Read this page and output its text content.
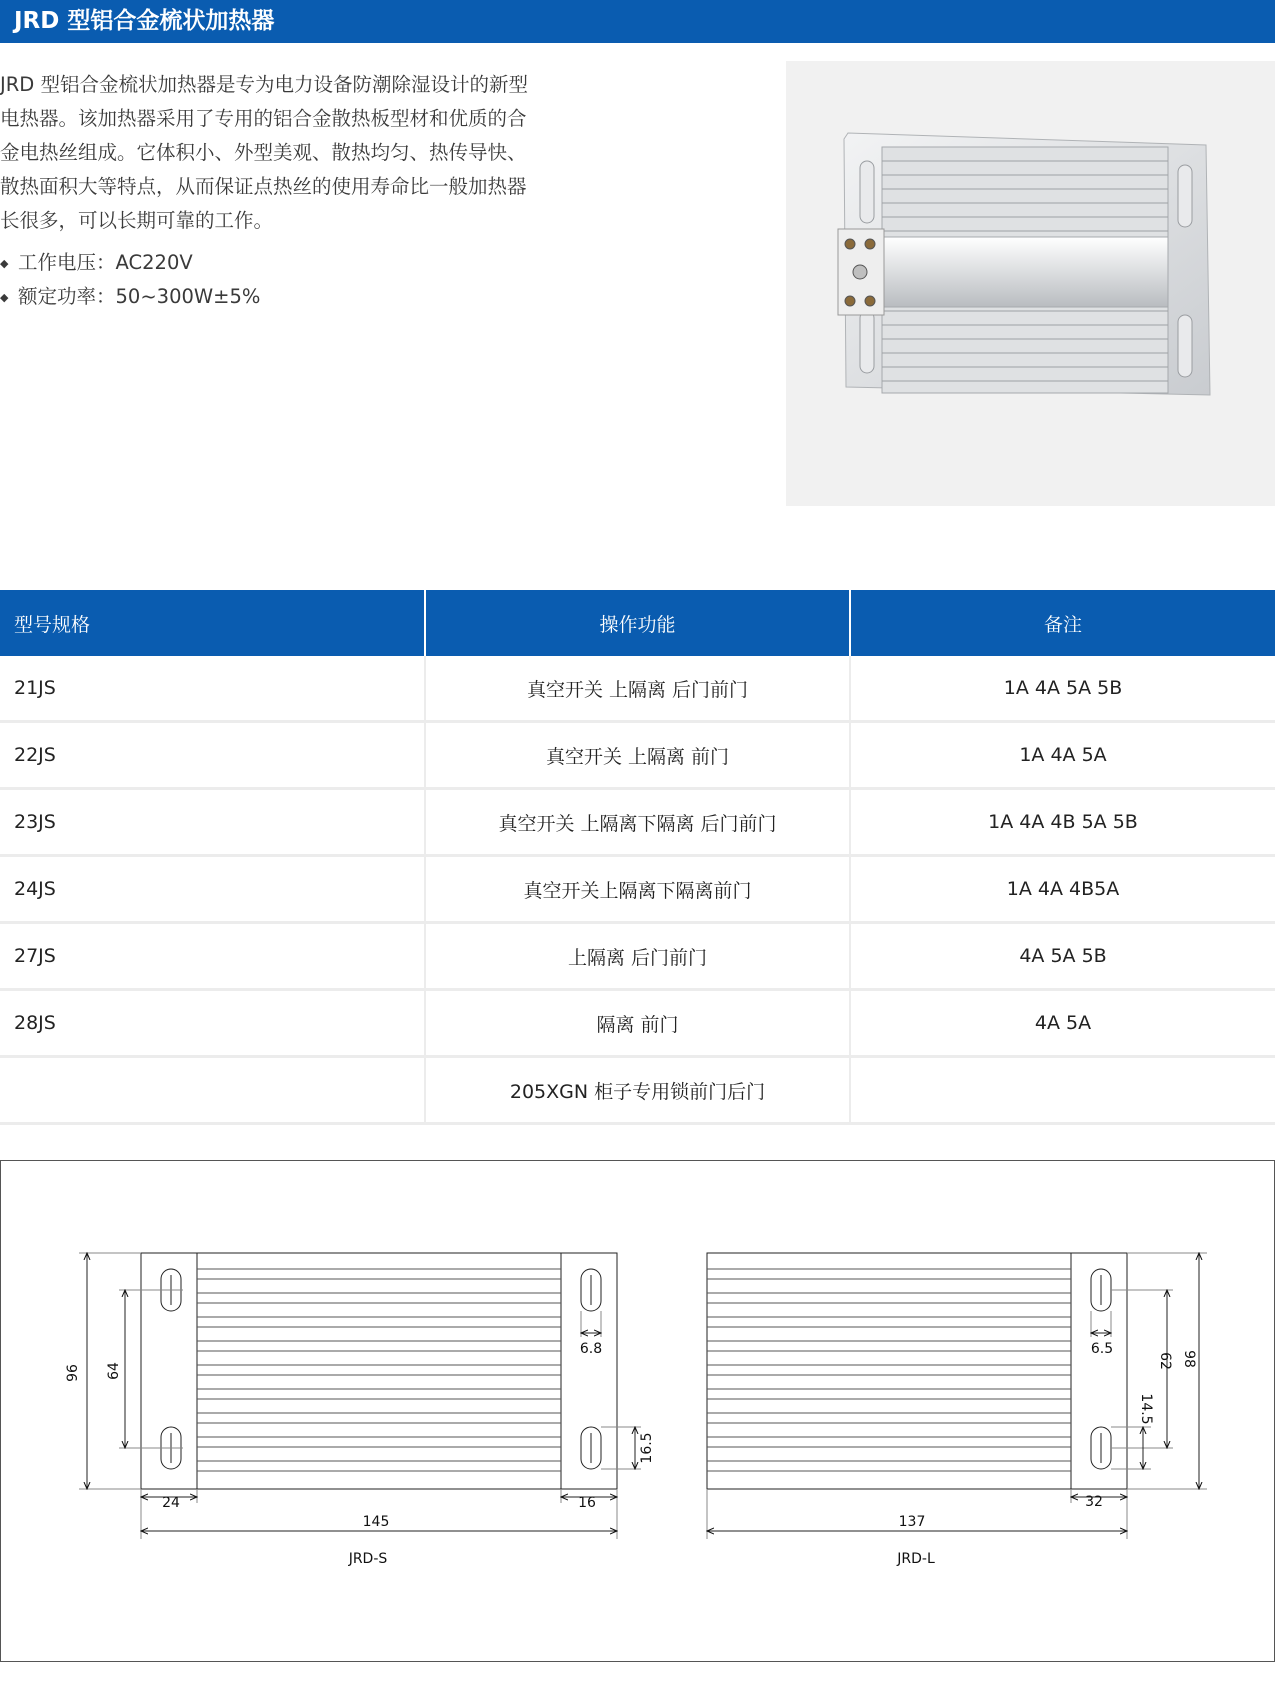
JRD 型铝合金梳状加热器

JRD 型铝合金梳状加热器是专为电力设备防潮除湿设计的新型

电热器。该加热器采用了专用的铝合金散热板型材和优质的合

金电热丝组成。它体积小、外型美观、散热均匀、热传导快、

散热面积大等特点，从而保证点热丝的使用寿命比一般加热器

长很多，可以长期可靠的工作。

◆ 工作电压：AC220V
◆ 额定功率：50~300W±5%
型号规格	操作功能	备注
21JS	真空开关 上隔离 后门前门	1A 4A 5A 5B
22JS	真空开关 上隔离 前门	1A 4A 5A
23JS	真空开关 上隔离下隔离 后门前门	1A 4A 4B 5A 5B
24JS	真空开关上隔离下隔离前门	1A 4A 4B5A
27JS	上隔离 后门前门	4A 5A 5B
28JS	隔离 前门	4A 5A
	205XGN 柜子专用锁前门后门	
96 64
6.8
16.5
24	16
145
JRD-S
6.5
62
14.5
98
32
137
JRD-L
